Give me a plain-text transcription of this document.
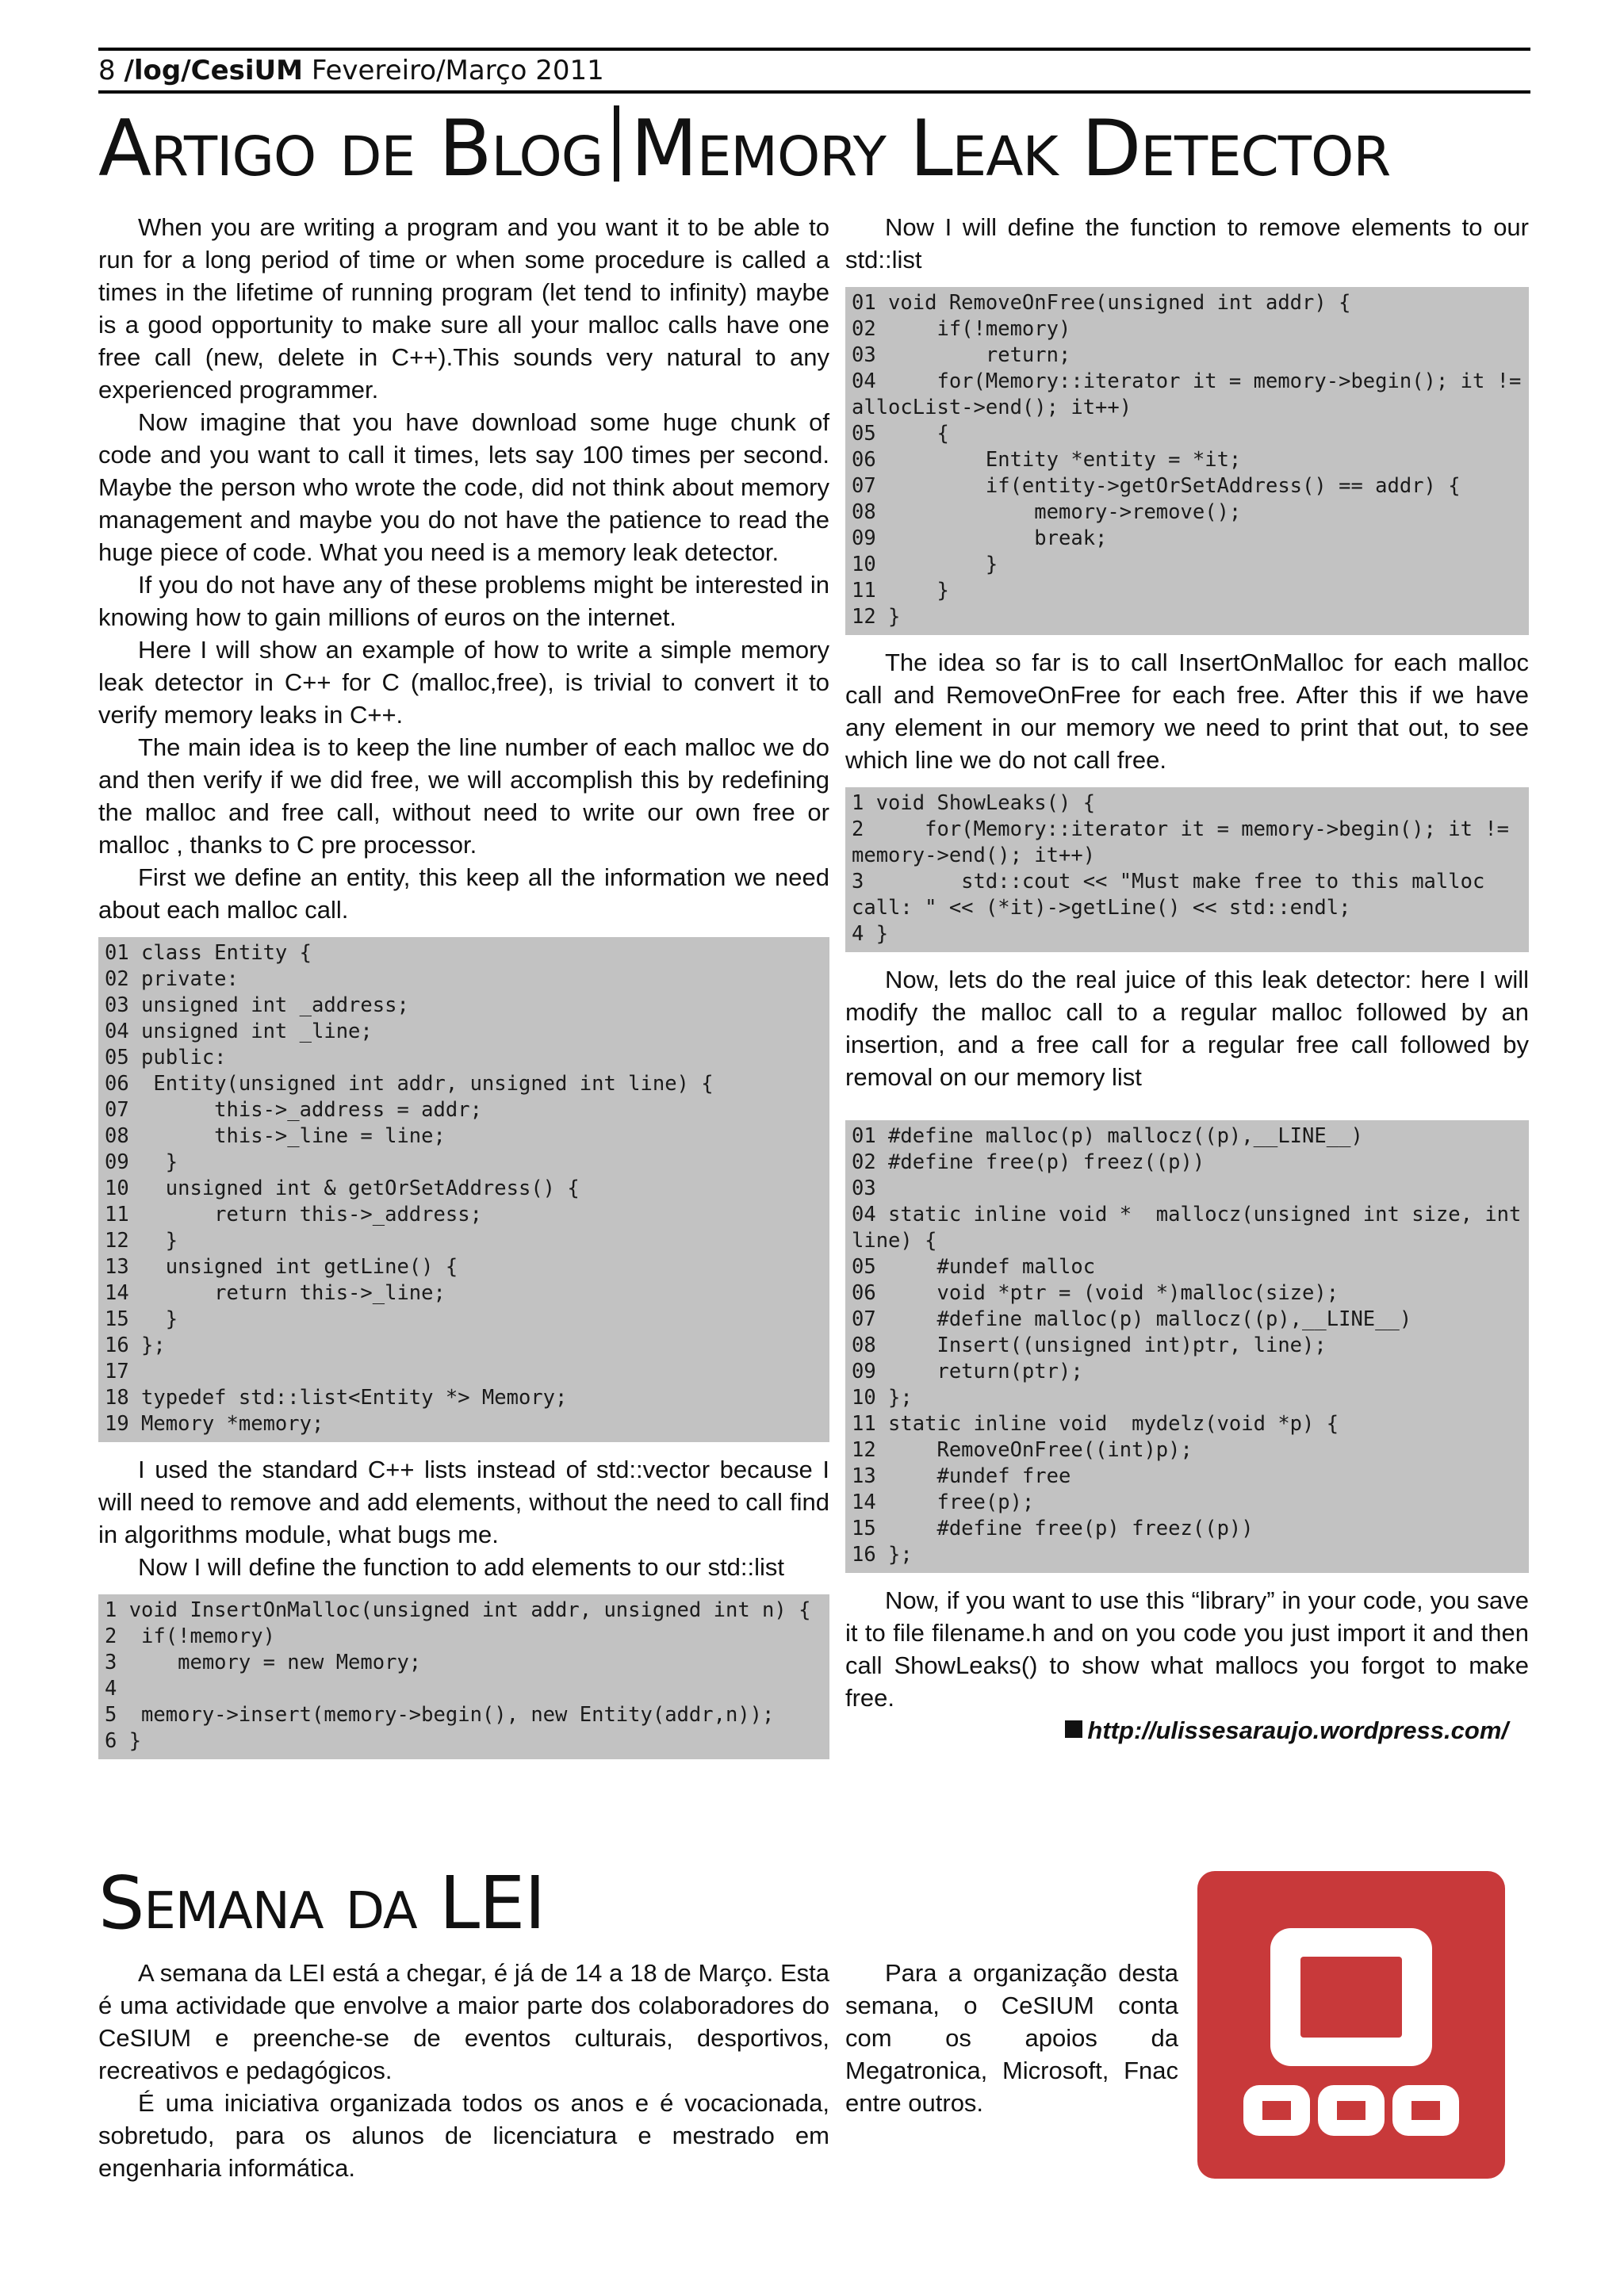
8 /log/CesiUM Fevereiro/Março 2011
Artigo de Blog Memory Leak Detector

When you are writing a program and you want it to be able to run for a long period of time or when some procedure is called a times in the lifetime of running program (let tend to infinity) maybe is a good opportunity to make sure all your malloc calls have one free call (new, delete in C++).This sounds very natural to any experienced programmer.

Now imagine that you have download some huge chunk of code and you want to call it times, lets say 100 times per second. Maybe the person who wrote the code, did not think about memory management and maybe you do not have the patience to read the huge piece of code. What you need is a memory leak detector.

If you do not have any of these problems might be interested in knowing how to gain millions of euros on the internet.

Here I will show an example of how to write a simple memory leak detector in C++ for C (malloc,free), is trivial to convert it to verify memory leaks in C++.

The main idea is to keep the line number of each malloc we do and then verify if we did free, we will accomplish this by redefining the malloc and free call, without need to write our own free or malloc , thanks to C pre processor.

First we define an entity, this keep all the information we need about each malloc call.

01 class Entity {
02 private:
03 unsigned int _address;
04 unsigned int _line;
05 public:
06  Entity(unsigned int addr, unsigned int line) {
07       this->_address = addr;
08       this->_line = line;
09   }
10   unsigned int & getOrSetAddress() {
11       return this->_address;
12   }
13   unsigned int getLine() {
14       return this->_line;
15   }
16 };
17
18 typedef std::list<Entity *> Memory;
19 Memory *memory;

I used the standard C++ lists instead of std::vector because I will need to remove and add elements, without the need to call find in algorithms module, what bugs me.

Now I will define the function to add elements to our std::list

1 void InsertOnMalloc(unsigned int addr, unsigned int n) {
2  if(!memory)
3     memory = new Memory;
4
5  memory->insert(memory->begin(), new Entity(addr,n));
6 }

Now I will define the function to remove elements to our std::list

01 void RemoveOnFree(unsigned int addr) {
02     if(!memory)
03         return;
04     for(Memory::iterator it = memory->begin(); it != allocList->end(); it++)
05     {
06         Entity *entity = *it;
07         if(entity->getOrSetAddress() == addr) {
08             memory->remove();
09             break;
10         }
11     }
12 }

The idea so far is to call InsertOnMalloc for each malloc call and RemoveOnFree for each free. After this if we have any element in our memory we need to print that out, to see which line we do not call free.

1 void ShowLeaks() {
2     for(Memory::iterator it = memory->begin(); it != memory->end(); it++)
3        std::cout << "Must make free to this malloc call: " << (*it)->getLine() << std::endl;
4 }

Now, lets do the real juice of this leak detector: here I will modify the malloc call to a regular malloc followed by an insertion, and a free call for a regular free call followed by removal on our memory list

01 #define malloc(p) mallocz((p),__LINE__)
02 #define free(p) freez((p))
03
04 static inline void *  mallocz(unsigned int size, int line) {
05     #undef malloc
06     void *ptr = (void *)malloc(size);
07     #define malloc(p) mallocz((p),__LINE__)
08     Insert((unsigned int)ptr, line);
09     return(ptr);
10 };
11 static inline void  mydelz(void *p) {
12     RemoveOnFree((int)p);
13     #undef free
14     free(p);
15     #define free(p) freez((p))
16 };

Now, if you want to use this “library” in your code, you save it to file filename.h and on you code you just import it and then call ShowLeaks() to show what mallocs you forgot to make free.

http://ulissesaraujo.wordpress.com/

Semana da LEI

A semana da LEI está a chegar, é já de 14 a 18 de Março. Esta é uma actividade que envolve a maior parte dos colaboradores do CeSIUM e preenche-se de eventos culturais, desportivos, recreativos e pedagógicos.

É uma iniciativa organizada todos os anos e é vocacionada, sobretudo, para os alunos de licenciatura e mestrado em engenharia informática.

Para a organização desta semana, o CeSIUM conta com os apoios da Megatronica, Microsoft, Fnac entre outros.
